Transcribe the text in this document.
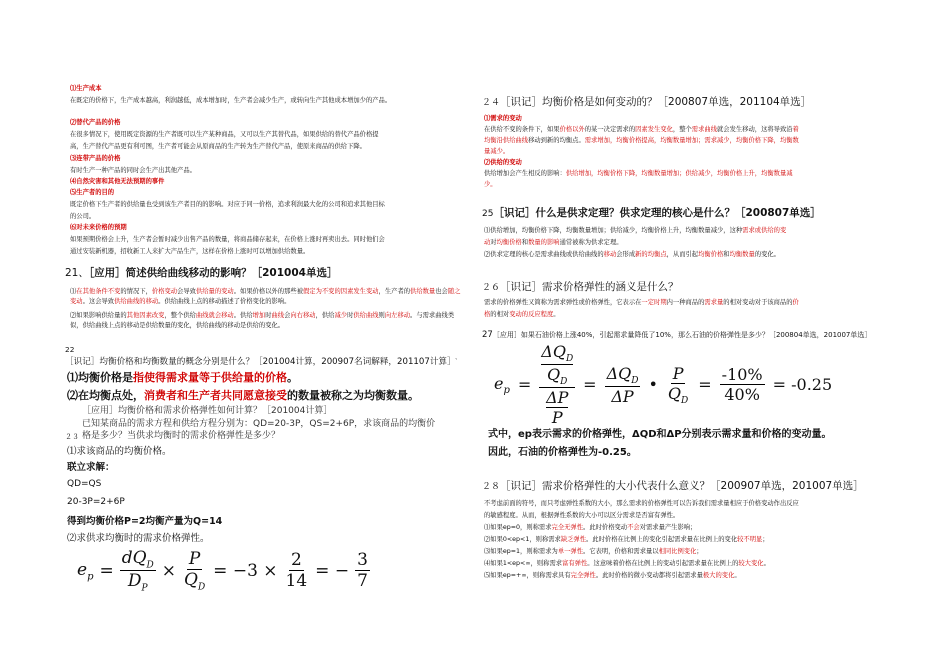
⑴生产成本
在既定的价格下，生产成本越高，利润越低，成本增加时，生产者会减少生产，或转向生产其他成本增加少的产品。
⑵替代产品的价格
在很多情况下，使用既定资源的生产者既可以生产某种商品，又可以生产其替代品，如果供给的替代产品价格提
高，生产替代产品更有利可图，生产者可能会从原商品的生产转为生产替代产品，使原来商品的供给下降。
⑶连带产品的价格
有时生产一种产品的同时会生产出其他产品。
⑷自然灾害和其他无法预期的事件
⑸生产者的目的
既定价格下生产者的供给量也受到该生产者目的的影响。对应于同一价格，追求利润最大化的公司和追求其他目标
的公司。
⑹对未来价格的预期
如果预期价格会上升，生产者会暂时减少出售产品的数量，将商品储存起来，在价格上涨时再卖出去。同时他们会
通过安装新机器，招收新工人来扩大产品生产，这样在价格上涨时可以增加供给数量。
21、［应用］简述供给曲线移动的影响？［201004单选］
⑴在其他条件不变的情况下，价格变动会导致供给量的变动。如果价格以外的那些被假定为不变的因素发生变动，生产者的供给数量也会随之变动。这会导致供给曲线的移动。供给曲线上点的移动描述了价格变化的影响。
⑵如果影响供给量的其他因素改变，整个供给曲线就会移动。供给增加时曲线会向右移动，供给减少时供给曲线则向左移动。与需求曲线类似，供给曲线上点的移动是供给数量的变化，供给曲线的移动是供给的变化。
22
［识记］均衡价格和均衡数量的概念分别是什么？［201004计算，200907名词解释，201107计算］
⑴均衡价格是指使得需求量等于供给量的价格。
⑵在均衡点处，消费者和生产者共同愿意接受的数量被称之为均衡数量。
［应用］均衡价格和需求价格弹性如何计算？［201004计算］
已知某商品的需求方程和供给方程分别为：QD=20-3P，QS=2+6P，求该商品的均衡价
２３ 格是多少？当供求均衡时的需求价格弹性是多少？
⑴求该商品的均衡价格。
联立求解：
QD=QS
20-3P=2+6P
得到均衡价格P=2均衡产量为Q=14
⑵求供求均衡时的需求价格弹性。
$e_p = \frac{dQ_D}{D_P} \times \frac{P}{Q_D} = -3 \times \frac{2}{14}$ = − $\frac{3}{7}$
、
２４［识记］均衡价格是如何变动的？［200807单选，201104单选］
⑴需求的变动
在供给不变的条件下，如果价格以外的某一决定需求的因素发生变化，整个需求曲线就会发生移动，这将导致沿着
均衡沿供给曲线移动到新的均衡点。需求增加，均衡价格提高，均衡数量增加；需求减少，均衡价格下降，均衡数
量减少。
⑵供给的变动
供给增加会产生相反的影响：供给增加，均衡价格下降，均衡数量增加；供给减少，均衡价格上升，均衡数量减
少。
25［识记］什么是供求定理？供求定理的核心是什么？［200807单选］
⑴供给增加，均衡价格下降，均衡数量增加；供给减少，均衡价格上升，均衡数量减少，这种需求或供给的变
动对均衡价格和数量的影响通常被称为供求定理。
⑵供求定理的核心是需求曲线或供给曲线的移动会形成新的均衡点，从而引起均衡价格和均衡数量的变化。
２６［识记］需求价格弹性的涵义是什么？
需求的价格弹性又简称为需求弹性或价格弹性，它表示在一定时期内一种商品的需求量的相对变动对于该商品的价
格的相对变动的反应程度。
27［应用］如果石油价格上涨40%，引起需求量降低了10%，那么石油的价格弹性是多少？［200804单选，201007单选］
$e_p = \Delta Q_D$
$Q_D$
ΔP
$P = \frac{\Delta Q_D}{\Delta P}$ • $\frac{P}{Q_D} = \frac{-10\%}{40\%} = -0.25$
式中，ep表示需求的价格弹性，ΔQD和ΔP分别表示需求量和价格的变动量。
因此，石油的价格弹性为-0.25。
２８［识记］需求价格弹性的大小代表什么意义？［200907单选，201007单选］
不考虑前面的符号，而只考虑弹性系数的大小，那么需求的价格弹性可以告诉我们需求量相应于价格变动作出反应
的敏感程度。从而，根据弹性系数的大小可以区分需求是否富有弹性。
⑴如果ep=0，则称需求完全无弹性。此时价格变动不会对需求量产生影响；
⑵如果0<ep<1，则称需求缺乏弹性。此时价格在比例上的变化引起需求量在比例上的变化较不明显；
⑶如果ep=1，则称需求为单一弹性。它表明，价格和需求量以相同比例变化；
⑷如果1<ep<∞，则称需求富有弹性。这意味着价格在比例上的变动引起需求量在比例上的较大变化。
⑸如果ep=+∞，则称需求具有完全弹性。此时价格的微小变动都将引起需求量极大的变化。
